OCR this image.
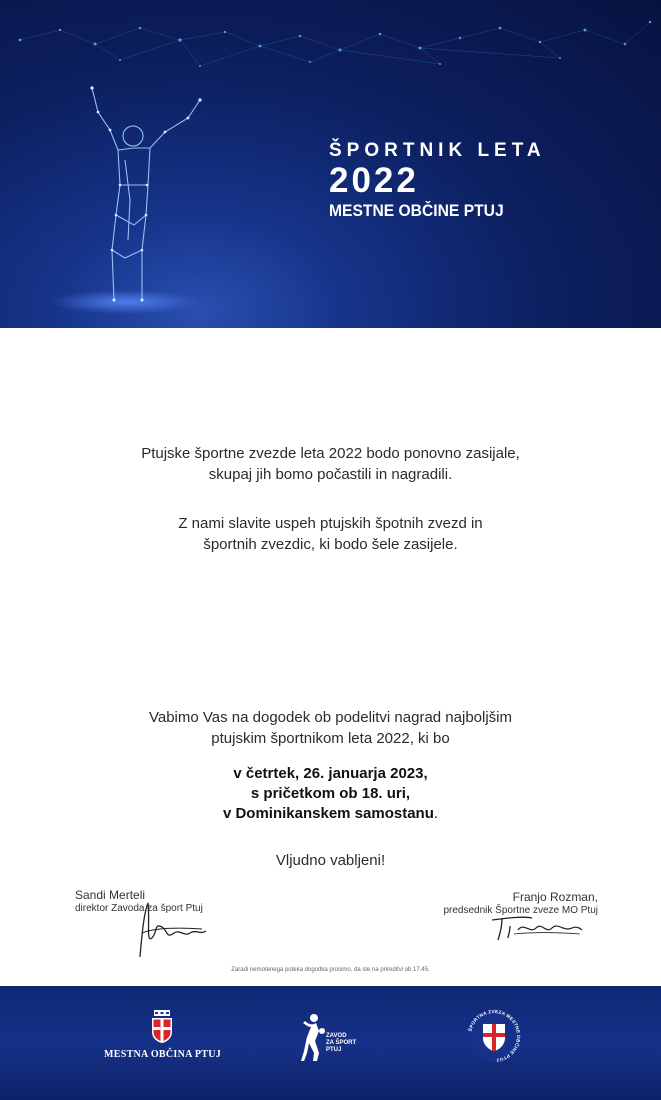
ŠPORTNIK LETA
2022
MESTNE OBČINE PTUJ

Ptujske športne zvezde leta 2022 bodo ponovno zasijale,

skupaj jih bomo počastili in nagradili.

Z nami slavite uspeh ptujskih špotnih zvezd in

športnih zvezdic, ki bodo šele zasijele.

Vabimo Vas na dogodek ob podelitvi nagrad najboljšim

ptujskim športnikom leta 2022, ki bo

v četrtek, 26. januarja 2023,
s pričetkom ob 18. uri,
v Dominikanskem samostanu.
Vljudno vabljeni!
Sandi Merteli
direktor Zavoda za šport Ptuj
Franjo Rozman,
predsednik Športne zveze MO Ptuj
Zaradi nemotenega poteka dogodka prosimo, da ste na prireditvi ob 17.45.
MESTNA OBČINA PTUJ
ZAVOD
ZA ŠPORT
PTUJ
ŠPORTNA ZVEZA MESTNE OBČINE PTUJ
